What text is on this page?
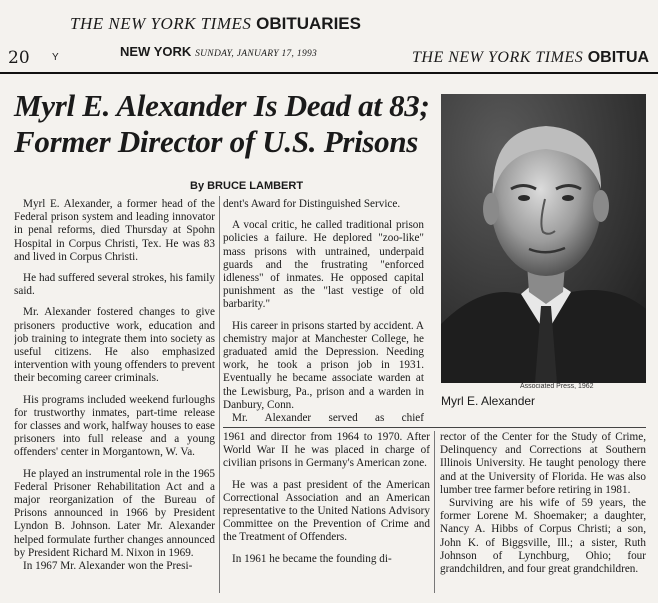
THE NEW YORK TIMES OBITUARIES
20 Y	NEW YORK SUNDAY, JANUARY 17, 1993	THE NEW YORK TIMES OBITUA
Myrl E. Alexander Is Dead at 83;
Former Director of U.S. Prisons
By BRUCE LAMBERT
Associated Press, 1962
Myrl E. Alexander

Myrl E. Alexander, a former head of the Federal prison system and leading innovator in penal reforms, died Thursday at Spohn Hospital in Corpus Christi, Tex. He was 83 and lived in Corpus Christi.

He had suffered several strokes, his family said.

Mr. Alexander fostered changes to give prisoners productive work, education and job training to integrate them into society as useful citizens. He also emphasized intervention with young offenders to prevent their becoming career criminals.

His programs included weekend furloughs for trustworthy inmates, part-time release for classes and work, halfway houses to ease prisoners into full release and a young offenders' center in Morgantown, W. Va.

He played an instrumental role in the 1965 Federal Prisoner Rehabilitation Act and a major reorganization of the Bureau of Prisons announced in 1966 by President Lyndon B. Johnson. Later Mr. Alexander helped formulate further changes announced by President Richard M. Nixon in 1969.

In 1967 Mr. Alexander won the Presi-

dent's Award for Distinguished Service.

A vocal critic, he called traditional prison policies a failure. He deplored "zoo-like" mass prisons with untrained, underpaid guards and the frustrating "enforced idleness" of inmates. He opposed capital punishment as the "last vestige of old barbarity."

His career in prisons started by accident. A chemistry major at Manchester College, he graduated amid the Depression. Needing work, he took a prison job in 1931. Eventually he became associate warden at the Lewisburg, Pa., prison and a warden in Danbury, Conn.

Mr. Alexander served as chief

1961 and director from 1964 to 1970. After World War II he was placed in charge of civilian prisons in Germany's American zone.

He was a past president of the American Correctional Association and an American representative to the United Nations Advisory Committee on the Prevention of Crime and the Treatment of Offenders.

In 1961 he became the founding di-

rector of the Center for the Study of Crime, Delinquency and Corrections at Southern Illinois University. He taught penology there and at the University of Florida. He was also lumber tree farmer before retiring in 1981.

Surviving are his wife of 59 years, the former Lorene M. Shoemaker; a daughter, Nancy A. Hibbs of Corpus Christi; a son, John K. of Biggsville, Ill.; a sister, Ruth Johnson of Lynchburg, Ohio; four grandchildren, and four great grandchildren.
